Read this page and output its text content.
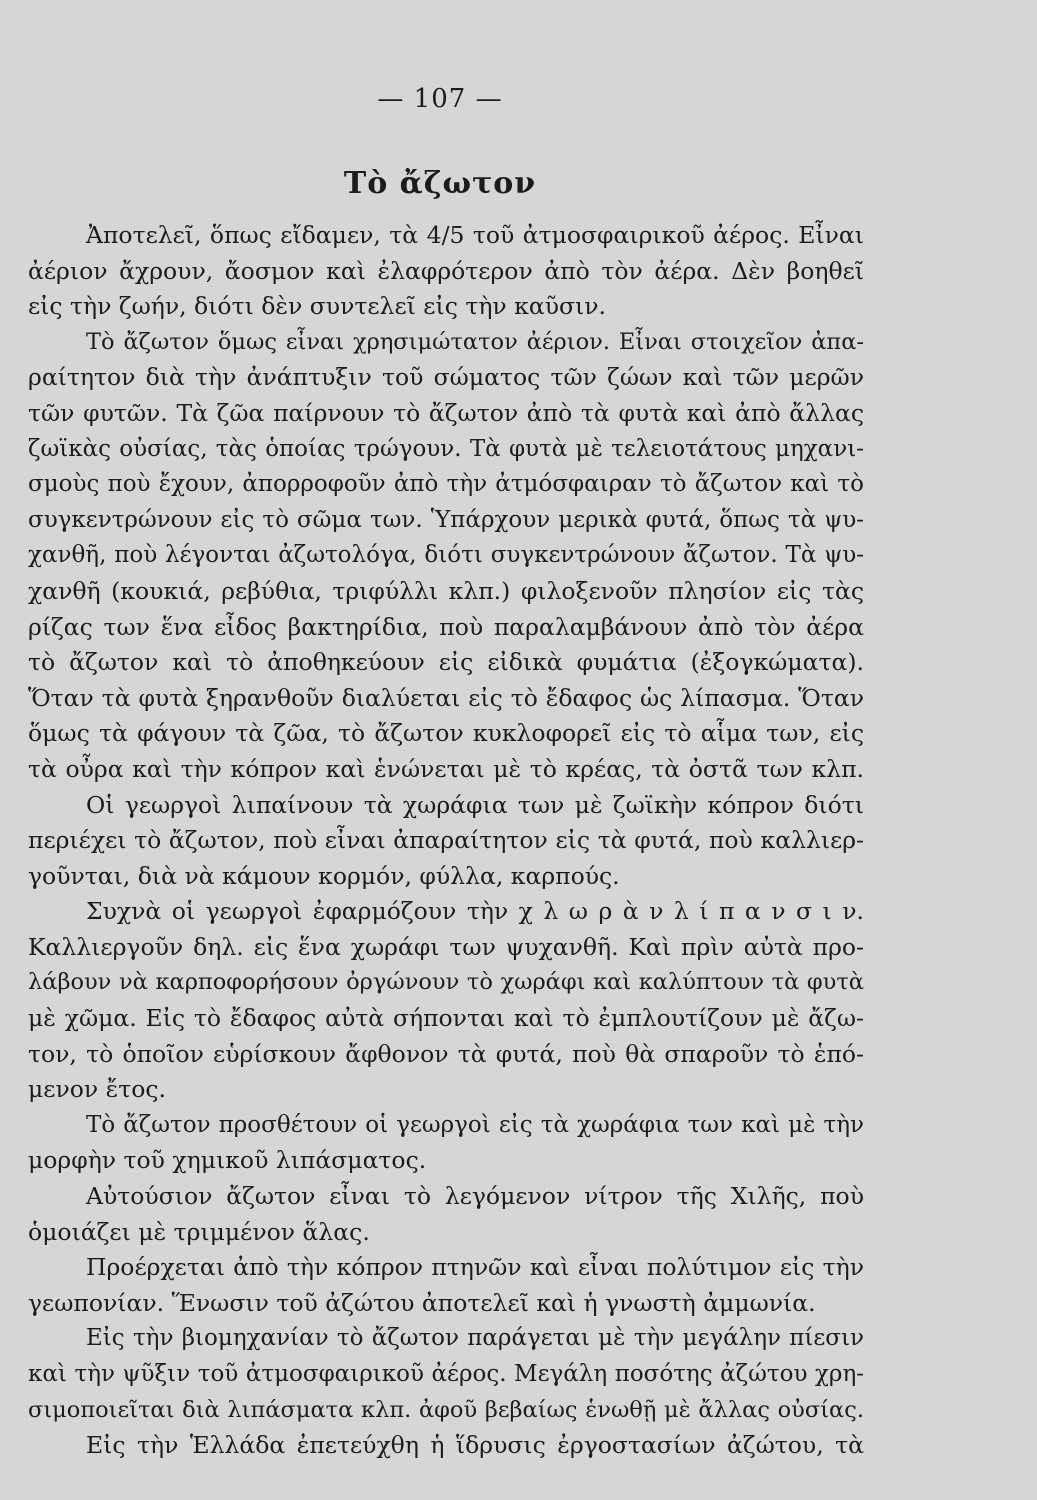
— 107 —
Τὸ ἄζωτον
Ἀποτελεῖ, ὅπως εἴδαμεν, τὰ 4/5 τοῦ ἀτμοσφαιρικοῦ ἀέρος. Εἶναι
ἀέριον ἄχρουν, ἄοσμον καὶ ἐλαφρότερον ἀπὸ τὸν ἀέρα. Δὲν βοηθεῖ
εἰς τὴν ζωήν, διότι δὲν συντελεῖ εἰς τὴν καῦσιν.
Τὸ ἄζωτον ὅμως εἶναι χρησιμώτατον ἀέριον. Εἶναι στοιχεῖον ἀπα-
ραίτητον διὰ τὴν ἀνάπτυξιν τοῦ σώματος τῶν ζώων καὶ τῶν μερῶν
τῶν φυτῶν. Τὰ ζῶα παίρνουν τὸ ἄζωτον ἀπὸ τὰ φυτὰ καὶ ἀπὸ ἄλλας
ζωϊκὰς οὐσίας, τὰς ὁποίας τρώγουν. Τὰ φυτὰ μὲ τελειοτάτους μηχανι-
σμοὺς ποὺ ἔχουν, ἀπορροφοῦν ἀπὸ τὴν ἀτμόσφαιραν τὸ ἄζωτον καὶ τὸ
συγκεντρώνουν εἰς τὸ σῶμα των. Ὑπάρχουν μερικὰ φυτά, ὅπως τὰ ψυ-
χανθῆ, ποὺ λέγονται ἀζωτολόγα, διότι συγκεντρώνουν ἄζωτον. Τὰ ψυ-
χανθῆ (κουκιά, ρεβύθια, τριφύλλι κλπ.) φιλοξενοῦν πλησίον εἰς τὰς
ρίζας των ἕνα εἶδος βακτηρίδια, ποὺ παραλαμβάνουν ἀπὸ τὸν ἀέρα
τὸ ἄζωτον καὶ τὸ ἀποθηκεύουν εἰς εἰδικὰ φυμάτια (ἐξογκώματα).
Ὅταν τὰ φυτὰ ξηρανθοῦν διαλύεται εἰς τὸ ἔδαφος ὡς λίπασμα. Ὅταν
ὅμως τὰ φάγουν τὰ ζῶα, τὸ ἄζωτον κυκλοφορεῖ εἰς τὸ αἷμα των, εἰς
τὰ οὖρα καὶ τὴν κόπρον καὶ ἑνώνεται μὲ τὸ κρέας, τὰ ὀστᾶ των κλπ.
Οἱ γεωργοὶ λιπαίνουν τὰ χωράφια των μὲ ζωϊκὴν κόπρον διότι
περιέχει τὸ ἄζωτον, ποὺ εἶναι ἀπαραίτητον εἰς τὰ φυτά, ποὺ καλλιερ-
γοῦνται, διὰ νὰ κάμουν κορμόν, φύλλα, καρπούς.
Συχνὰ οἱ γεωργοὶ ἐφαρμόζουν τὴν χ λ ω ρ ὰ ν λ ί π α ν σ ι ν.
Καλλιεργοῦν δηλ. εἰς ἕνα χωράφι των ψυχανθῆ. Καὶ πρὶν αὐτὰ προ-
λάβουν νὰ καρποφορήσουν ὀργώνουν τὸ χωράφι καὶ καλύπτουν τὰ φυτὰ
μὲ χῶμα. Εἰς τὸ ἔδαφος αὐτὰ σήπονται καὶ τὸ ἐμπλουτίζουν μὲ ἄζω-
τον, τὸ ὁποῖον εὑρίσκουν ἄφθονον τὰ φυτά, ποὺ θὰ σπαροῦν τὸ ἑπό-
μενον ἔτος.
Τὸ ἄζωτον προσθέτουν οἱ γεωργοὶ εἰς τὰ χωράφια των καὶ μὲ τὴν
μορφὴν τοῦ χημικοῦ λιπάσματος.
Αὐτούσιον ἄζωτον εἶναι τὸ λεγόμενον νίτρον τῆς Χιλῆς, ποὺ
ὁμοιάζει μὲ τριμμένον ἅλας.
Προέρχεται ἀπὸ τὴν κόπρον πτηνῶν καὶ εἶναι πολύτιμον εἰς τὴν
γεωπονίαν. Ἕνωσιν τοῦ ἀζώτου ἀποτελεῖ καὶ ἡ γνωστὴ ἀμμωνία.
Εἰς τὴν βιομηχανίαν τὸ ἄζωτον παράγεται μὲ τὴν μεγάλην πίεσιν
καὶ τὴν ψῦξιν τοῦ ἀτμοσφαιρικοῦ ἀέρος. Μεγάλη ποσότης ἀζώτου χρη-
σιμοποιεῖται διὰ λιπάσματα κλπ. ἀφοῦ βεβαίως ἑνωθῇ μὲ ἄλλας οὐσίας.
Εἰς τὴν Ἑλλάδα ἐπετεύχθη ἡ ἵδρυσις ἐργοστασίων ἀζώτου, τὰ
